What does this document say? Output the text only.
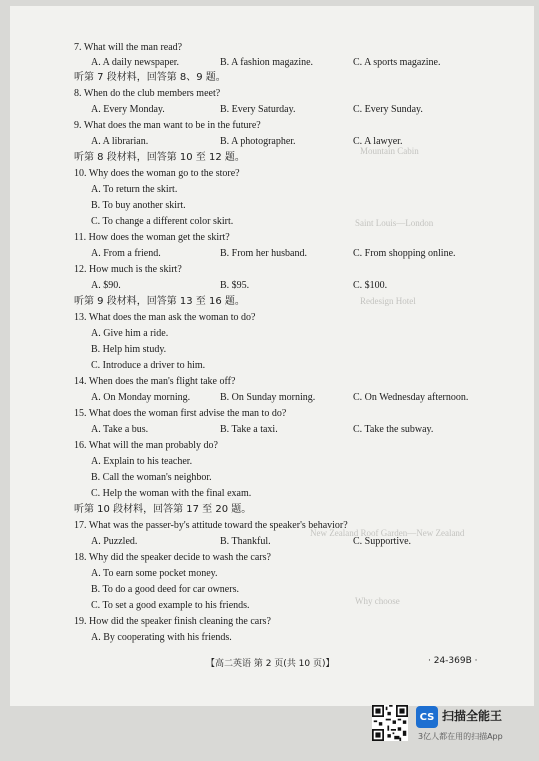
Saint Louis—London
Redesign Hotel
New Zealand Roof Garden—New Zealand
Why choose
Mountain Cabin
7. What will the man read?
A. A daily newspaper.	B. A fashion magazine.	C. A sports magazine.
听第 7 段材料，回答第 8、9 题。
8. When do the club members meet?
A. Every Monday.	B. Every Saturday.	C. Every Sunday.
9. What does the man want to be in the future?
A. A librarian.	B. A photographer.	C. A lawyer.
听第 8 段材料，回答第 10 至 12 题。
10. Why does the woman go to the store?
A. To return the skirt.
B. To buy another skirt.
C. To change a different color skirt.
11. How does the woman get the skirt?
A. From a friend.	B. From her husband.	C. From shopping online.
12. How much is the skirt?
A. $90.	B. $95.	C. $100.
听第 9 段材料，回答第 13 至 16 题。
13. What does the man ask the woman to do?
A. Give him a ride.
B. Help him study.
C. Introduce a driver to him.
14. When does the man's flight take off?
A. On Monday morning.	B. On Sunday morning.	C. On Wednesday afternoon.
15. What does the woman first advise the man to do?
A. Take a bus.	B. Take a taxi.	C. Take the subway.
16. What will the man probably do?
A. Explain to his teacher.
B. Call the woman's neighbor.
C. Help the woman with the final exam.
听第 10 段材料，回答第 17 至 20 题。
17. What was the passer-by's attitude toward the speaker's behavior?
A. Puzzled.	B. Thankful.	C. Supportive.
18. Why did the speaker decide to wash the cars?
A. To earn some pocket money.
B. To do a good deed for car owners.
C. To set a good example to his friends.
19. How did the speaker finish cleaning the cars?
A. By cooperating with his friends.
【高二英语 第 2 页(共 10 页)】	· 24-369B ·
CS 扫描全能王
3亿人都在用的扫描App
